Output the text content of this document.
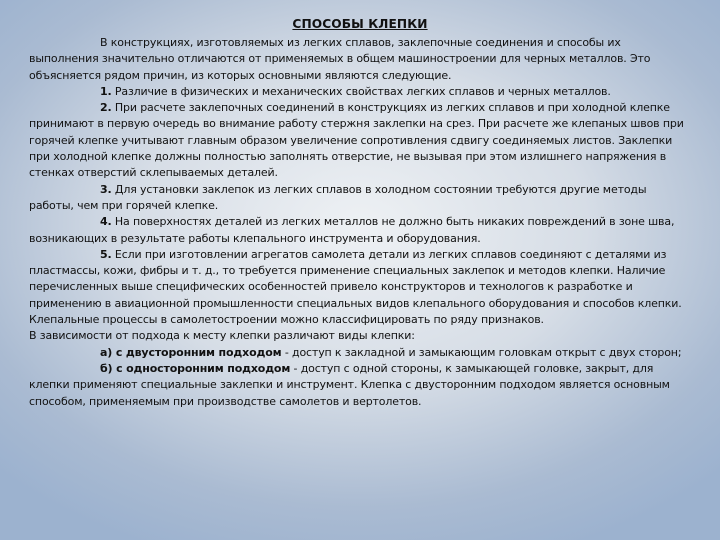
СПОСОБЫ КЛЕПКИ

В конструкциях, изготовляемых из легких сплавов, заклепочные соединения и способы их выполнения значительно отличаются от применяемых в общем машиностроении для черных металлов. Это объясняется рядом причин, из которых основными являются следующие.

1. Различие в физических и механических свойствах легких сплавов и черных металлов.

2. При расчете заклепочных соединений в конструкциях из легких сплавов и при холодной клепке принимают в первую очередь во внимание работу стержня заклепки на срез. При расчете же клепаных швов при горячей клепке учитывают главным образом увеличение сопротивления сдвигу соединяемых листов. Заклепки при холодной клепке должны полностью заполнять отверстие, не вызывая при этом излишнего напряжения в стенках отверстий склепываемых деталей.

3. Для установки заклепок из легких сплавов в холодном состоянии требуются другие методы работы, чем при горячей клепке.

4. На поверхностях деталей из легких металлов не должно быть никаких повреждений в зоне шва, возникающих в результате работы клепального инструмента и оборудования.

5. Если при изготовлении агрегатов самолета детали из легких сплавов соединяют с деталями из пластмассы, кожи, фибры и т. д., то требуется применение специальных заклепок и методов клепки. Наличие перечисленных выше специфических особенностей привело конструкторов и технологов к разработке и применению в авиационной промышленности специальных видов клепального оборудования и способов клепки. Клепальные процессы в самолетостроении можно классифицировать по ряду признаков.

В зависимости от подхода к месту клепки различают виды клепки:

а) с двусторонним подходом - доступ к закладной и замыкающим головкам открыт с двух сторон;

б) с односторонним подходом - доступ с одной стороны, к замыкающей головке, закрыт, для клепки применяют специальные заклепки и инструмент. Клепка с двусторонним подходом является основным способом, применяемым при производстве самолетов и вертолетов.
